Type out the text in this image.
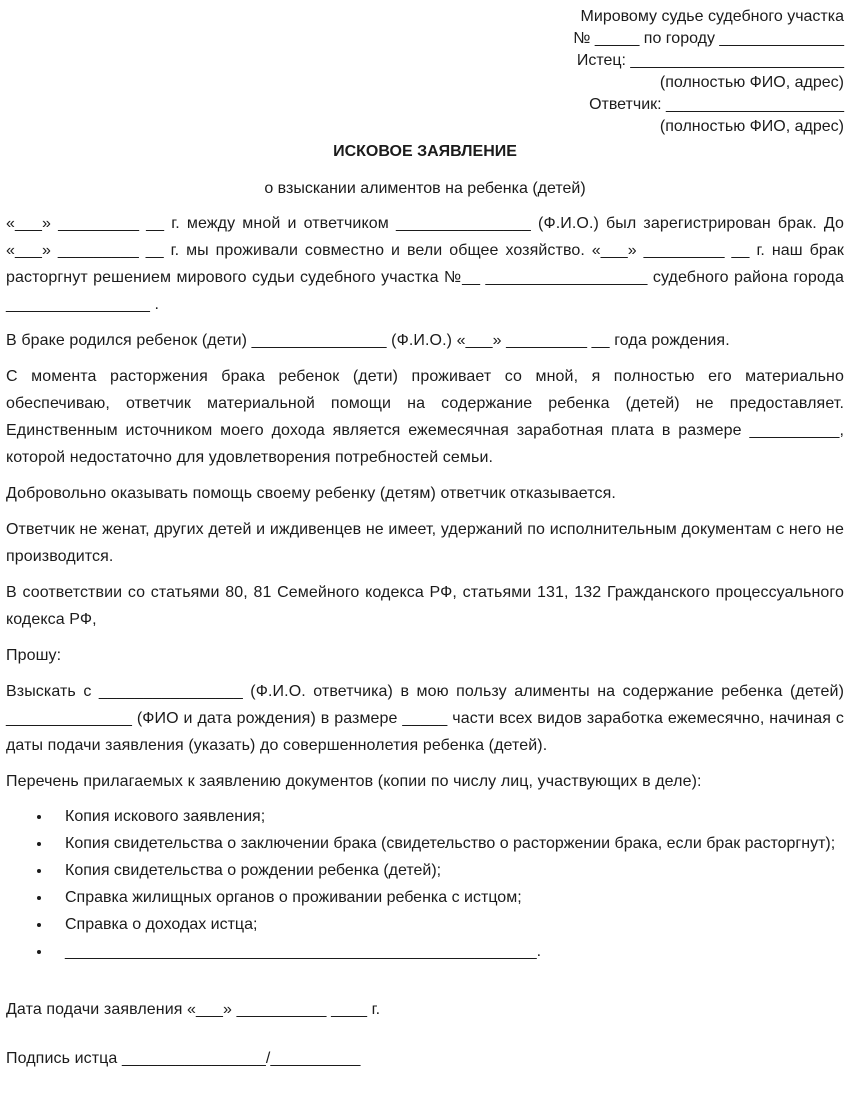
Мировому судье судебного участка
№ _____ по городу ______________
Истец: ________________________
(полностью ФИО, адрес)
Ответчик: ____________________
(полностью ФИО, адрес)
ИСКОВОЕ ЗАЯВЛЕНИЕ
о взыскании алиментов на ребенка (детей)

«___» _________ __ г. между мной и ответчиком _______________ (Ф.И.О.) был зарегистрирован брак. До «___» _________ __ г. мы проживали совместно и вели общее хозяйство. «___» _________ __ г. наш брак расторгнут решением мирового судьи судебного участка №__ __________________ судебного района города ________________ .

В браке родился ребенок (дети) _______________ (Ф.И.О.) «___» _________ __ года рождения.

С момента расторжения брака ребенок (дети) проживает со мной, я полностью его материально обеспечиваю, ответчик материальной помощи на содержание ребенка (детей) не предоставляет. Единственным источником моего дохода является ежемесячная заработная плата в размере __________, которой недостаточно для удовлетворения потребностей семьи.

Добровольно оказывать помощь своему ребенку (детям) ответчик отказывается.

Ответчик не женат, других детей и иждивенцев не имеет, удержаний по исполнительным документам с него не производится.

В соответствии со статьями 80, 81 Семейного кодекса РФ, статьями 131, 132 Гражданского процессуального кодекса РФ,

Прошу:

Взыскать с ________________ (Ф.И.О. ответчика) в мою пользу алименты на содержание ребенка (детей) ______________ (ФИО и дата рождения) в размере _____ части всех видов заработка ежемесячно, начиная с даты подачи заявления (указать) до совершеннолетия ребенка (детей).

Перечень прилагаемых к заявлению документов (копии по числу лиц, участвующих в деле):

• Копия искового заявления;
• Копия свидетельства о заключении брака (свидетельство о расторжении брака, если брак расторгнут);
• Копия свидетельства о рождении ребенка (детей);
• Справка жилищных органов о проживании ребенка с истцом;
• Справка о доходах истца;
• _____________________________________________________.

Дата подачи заявления «___» __________ ____ г.

Подпись истца ________________/__________
